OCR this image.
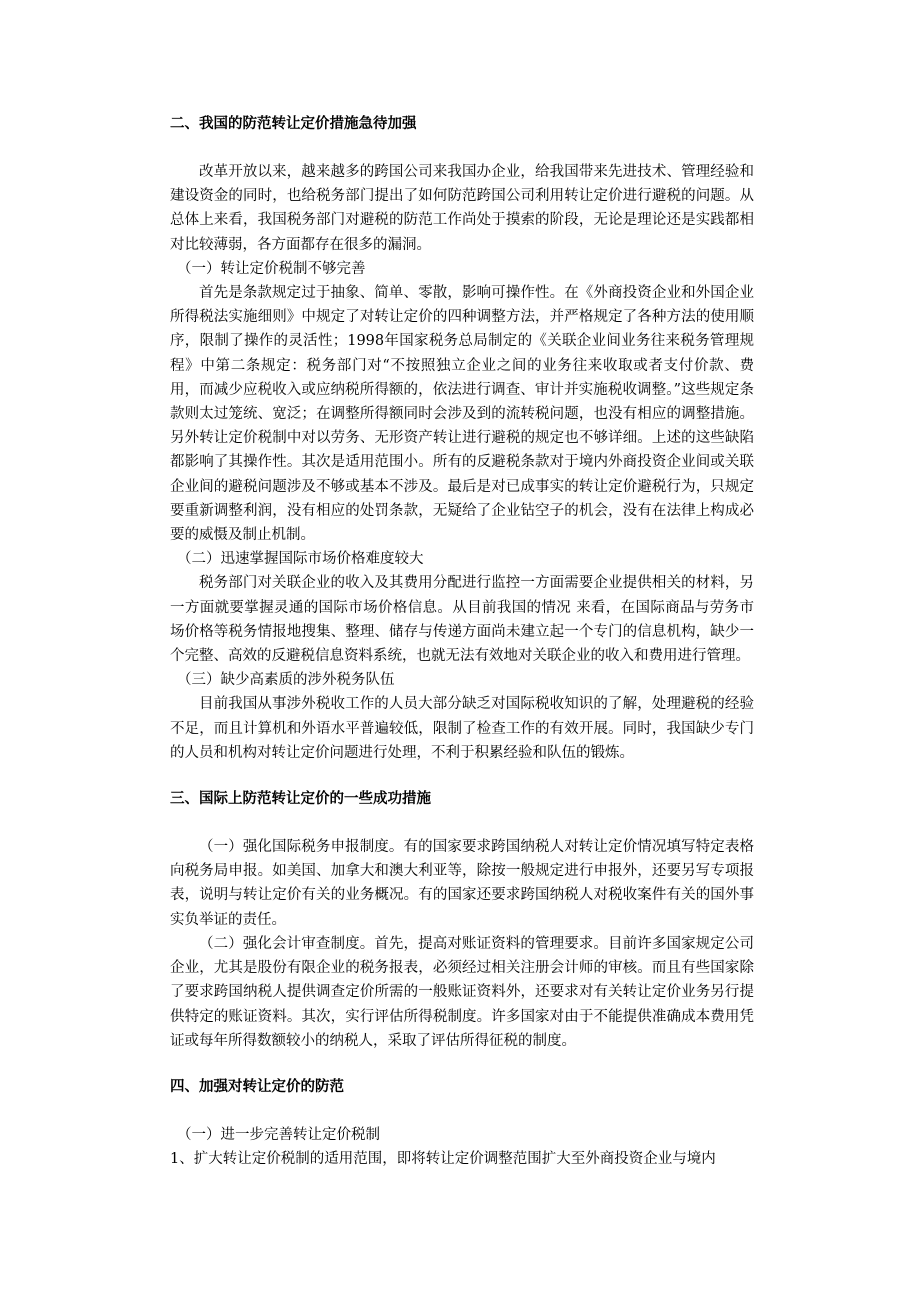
二、我国的防范转让定价措施急待加强

改革开放以来，越来越多的跨国公司来我国办企业，给我国带来先进技术、管理经验和建设资金的同时，也给税务部门提出了如何防范跨国公司利用转让定价进行避税的问题。从总体上来看，我国税务部门对避税的防范工作尚处于摸索的阶段，无论是理论还是实践都相对比较薄弱，各方面都存在很多的漏洞。

（一）转让定价税制不够完善

首先是条款规定过于抽象、简单、零散，影响可操作性。在《外商投资企业和外国企业所得税法实施细则》中规定了对转让定价的四种调整方法，并严格规定了各种方法的使用顺序，限制了操作的灵活性；1998年国家税务总局制定的《关联企业间业务往来税务管理规程》中第二条规定：税务部门对“不按照独立企业之间的业务往来收取或者支付价款、费用，而减少应税收入或应纳税所得额的，依法进行调查、审计并实施税收调整。”这些规定条款则太过笼统、宽泛；在调整所得额同时会涉及到的流转税问题，也没有相应的调整措施。另外转让定价税制中对以劳务、无形资产转让进行避税的规定也不够详细。上述的这些缺陷都影响了其操作性。其次是适用范围小。所有的反避税条款对于境内外商投资企业间或关联企业间的避税问题涉及不够或基本不涉及。最后是对已成事实的转让定价避税行为，只规定要重新调整利润，没有相应的处罚条款，无疑给了企业钻空子的机会，没有在法律上构成必要的威慑及制止机制。

（二）迅速掌握国际市场价格难度较大

税务部门对关联企业的收入及其费用分配进行监控一方面需要企业提供相关的材料，另一方面就要掌握灵通的国际市场价格信息。从目前我国的情况 来看，在国际商品与劳务市场价格等税务情报地搜集、整理、储存与传递方面尚未建立起一个专门的信息机构，缺少一个完整、高效的反避税信息资料系统，也就无法有效地对关联企业的收入和费用进行管理。

（三）缺少高素质的涉外税务队伍

目前我国从事涉外税收工作的人员大部分缺乏对国际税收知识的了解，处理避税的经验不足，而且计算机和外语水平普遍较低，限制了检查工作的有效开展。同时，我国缺少专门的人员和机构对转让定价问题进行处理，不利于积累经验和队伍的锻炼。

三、国际上防范转让定价的一些成功措施

（一）强化国际税务申报制度。有的国家要求跨国纳税人对转让定价情况填写特定表格向税务局申报。如美国、加拿大和澳大利亚等，除按一般规定进行申报外，还要另写专项报表，说明与转让定价有关的业务概况。有的国家还要求跨国纳税人对税收案件有关的国外事实负举证的责任。

（二）强化会计审查制度。首先，提高对账证资料的管理要求。目前许多国家规定公司企业，尤其是股份有限企业的税务报表，必须经过相关注册会计师的审核。而且有些国家除了要求跨国纳税人提供调查定价所需的一般账证资料外，还要求对有关转让定价业务另行提供特定的账证资料。其次，实行评估所得税制度。许多国家对由于不能提供准确成本费用凭证或每年所得数额较小的纳税人，采取了评估所得征税的制度。

四、加强对转让定价的防范

（一）进一步完善转让定价税制

1、扩大转让定价税制的适用范围，即将转让定价调整范围扩大至外商投资企业与境内
